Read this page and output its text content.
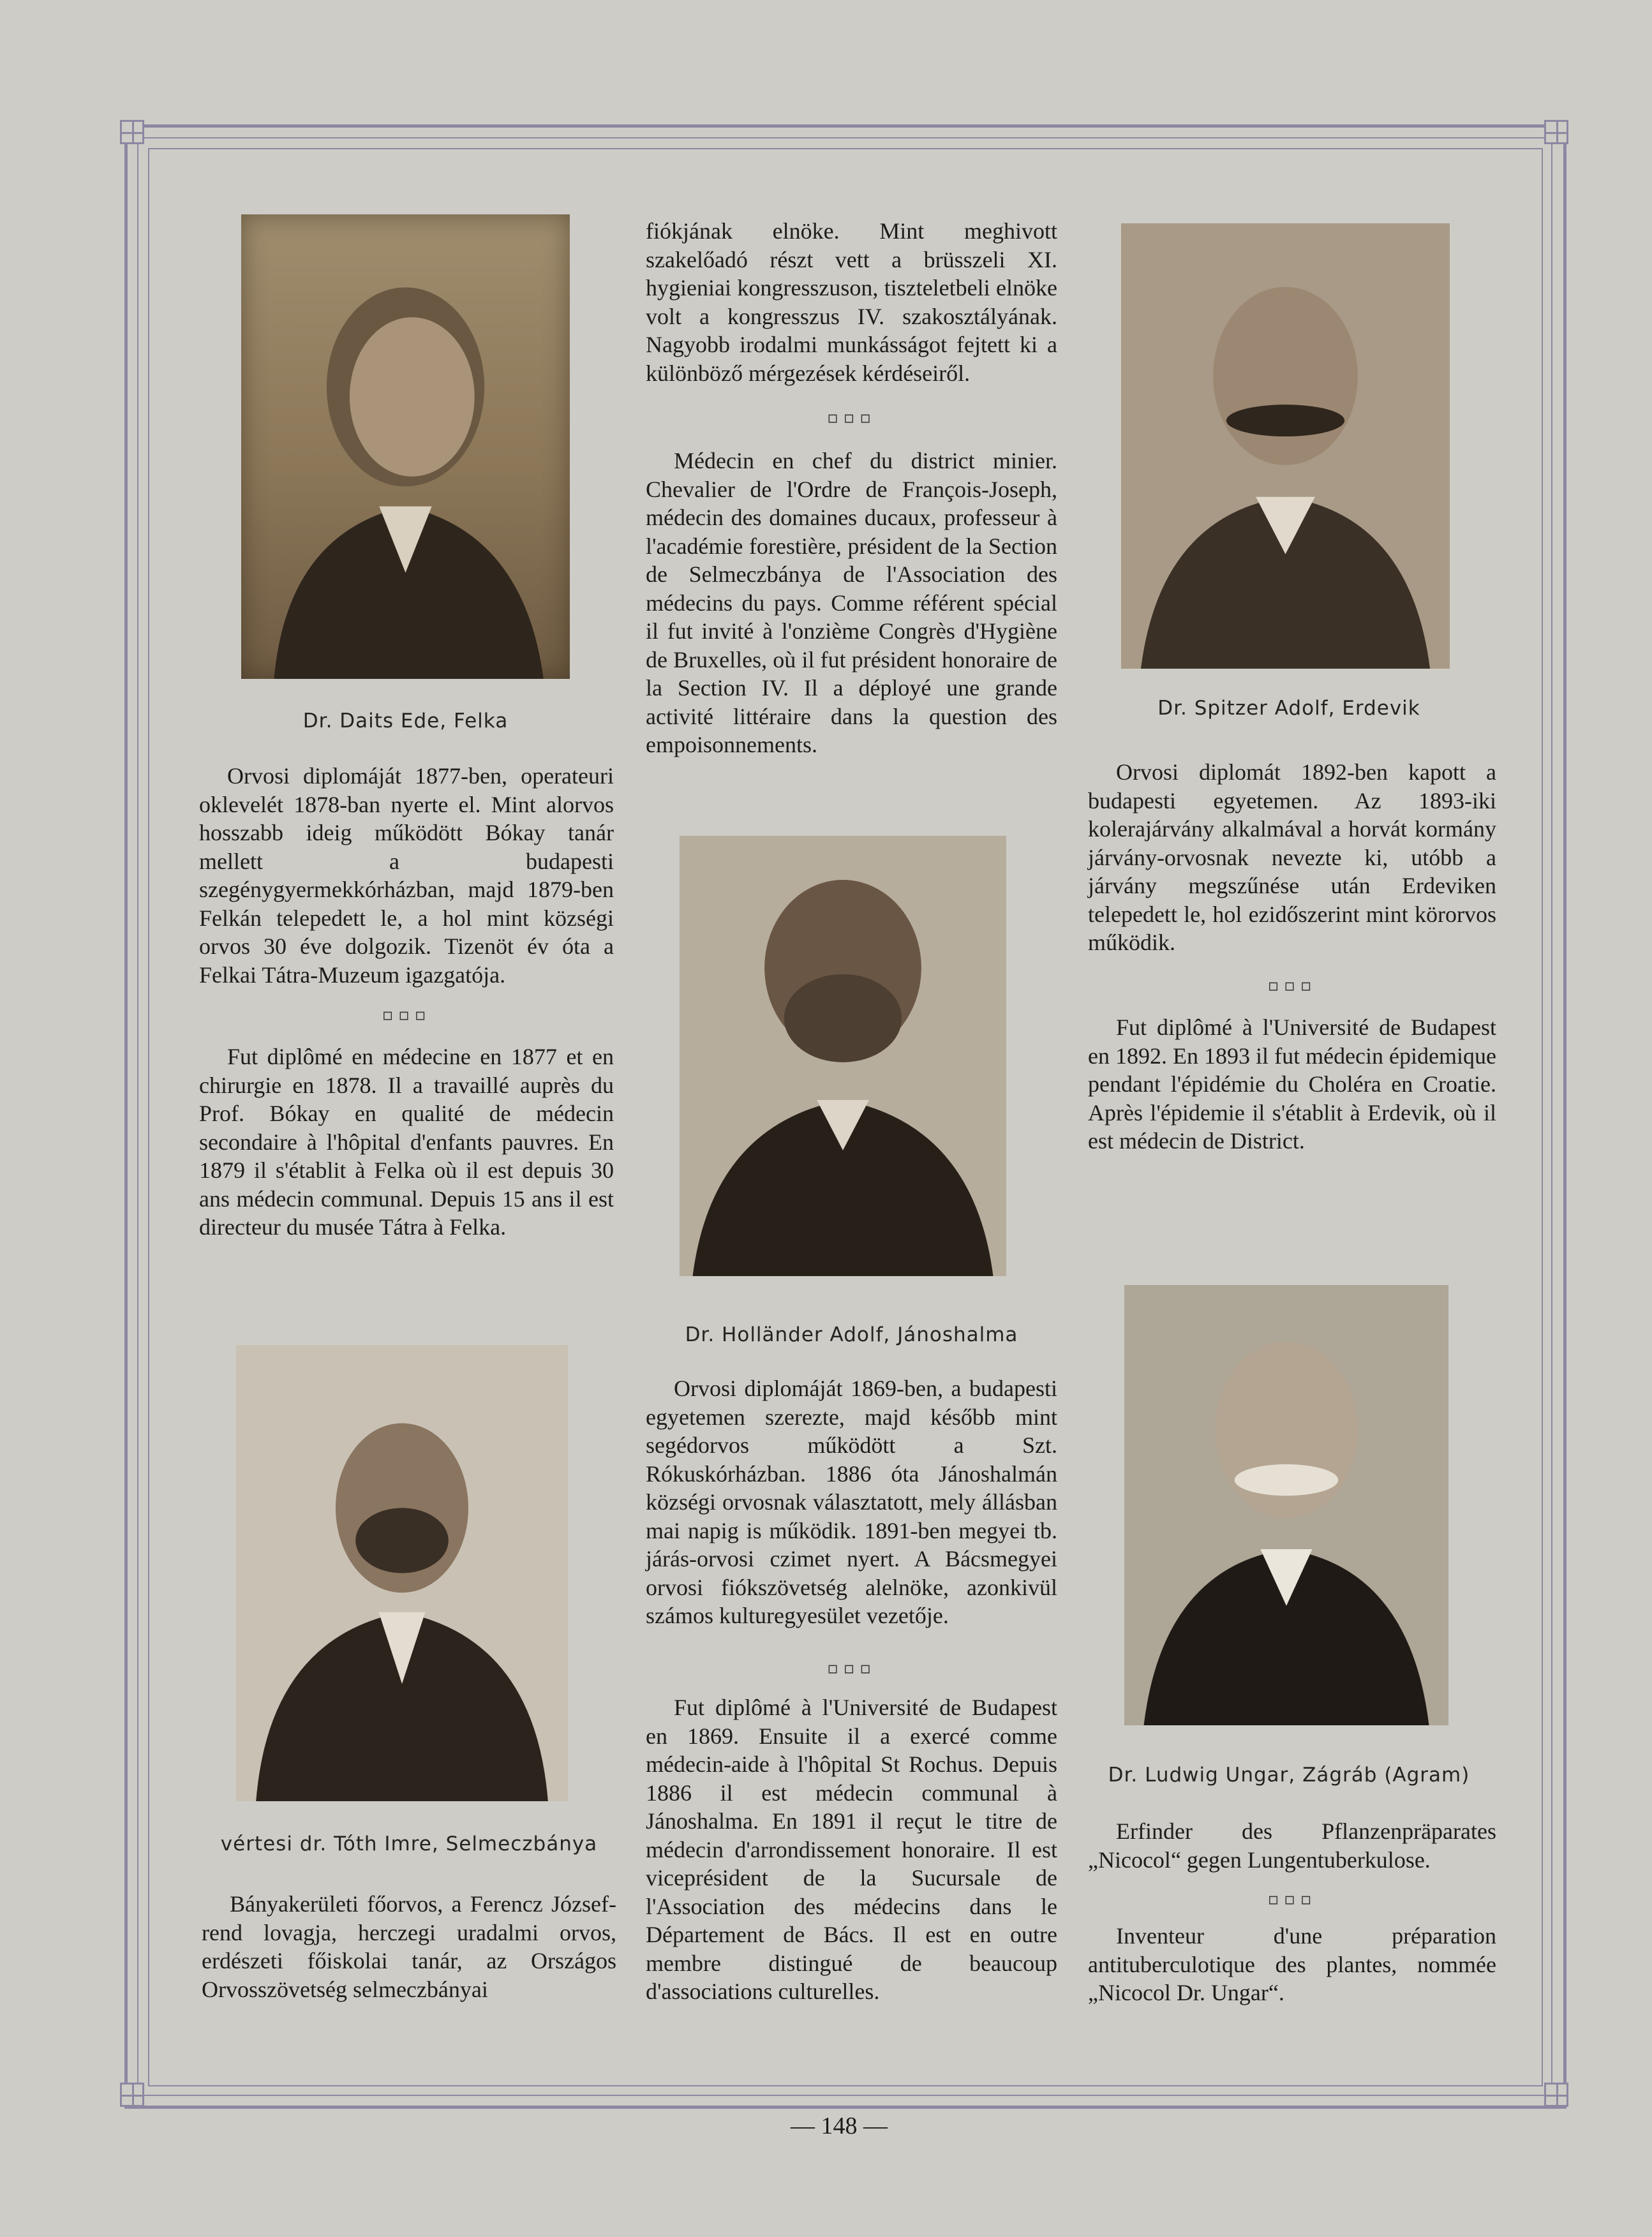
Dr. Daits Ede, Felka

Orvosi diplomáját 1877-ben, operateuri oklevelét 1878-ban nyerte el. Mint alorvos hosszabb ideig működött Bókay tanár mellett a budapesti szegénygyermekkórházban, majd 1879-ben Felkán telepedett le, a hol mint községi orvos 30 éve dolgozik. Tizenöt év óta a Felkai Tátra-Muzeum igazgatója.

▫▫▫

Fut diplômé en médecine en 1877 et en chirurgie en 1878. Il a travaillé auprès du Prof. Bókay en qualité de médecin secondaire à l'hôpital d'enfants pauvres. En 1879 il s'établit à Felka où il est depuis 30 ans médecin communal. Depuis 15 ans il est directeur du musée Tátra à Felka.

vértesi dr. Tóth Imre, Selmeczbánya

Bányakerületi főorvos, a Ferencz József-rend lovagja, herczegi uradalmi orvos, erdészeti főiskolai tanár, az Országos Orvosszövetség selmeczbányai

fiókjának elnöke. Mint meghivott szakelőadó részt vett a brüsszeli XI. hygieniai kongresszuson, tiszteletbeli elnöke volt a kongresszus IV. szakosztályának. Nagyobb irodalmi munkásságot fejtett ki a különböző mérgezések kérdéseiről.

▫▫▫

Médecin en chef du district minier. Chevalier de l'Ordre de François-Joseph, médecin des domaines ducaux, professeur à l'académie forestière, président de la Section de Selmeczbánya de l'Association des médecins du pays. Comme référent spécial il fut invité à l'onzième Congrès d'Hygiène de Bruxelles, où il fut président honoraire de la Section IV. Il a déployé une grande activité littéraire dans la question des empoisonnements.

Dr. Holländer Adolf, Jánoshalma

Orvosi diplomáját 1869-ben, a budapesti egyetemen szerezte, majd később mint segédorvos működött a Szt. Rókuskórházban. 1886 óta Jánoshalmán községi orvosnak választatott, mely állásban mai napig is működik. 1891-ben megyei tb. járás-orvosi czimet nyert. A Bácsmegyei orvosi fiókszövetség alelnöke, azonkivül számos kulturegyesület vezetője.

▫▫▫

Fut diplômé à l'Université de Budapest en 1869. Ensuite il a exercé comme médecin-aide à l'hôpital St Rochus. Depuis 1886 il est médecin communal à Jánoshalma. En 1891 il reçut le titre de médecin d'arrondissement honoraire. Il est viceprésident de la Sucursale de l'Association des médecins dans le Département de Bács. Il est en outre membre distingué de beaucoup d'associations culturelles.

Dr. Spitzer Adolf, Erdevik

Orvosi diplomát 1892-ben kapott a budapesti egyetemen. Az 1893-iki kolerajárvány alkalmával a horvát kormány járvány-orvosnak nevezte ki, utóbb a járvány megszűnése után Erdeviken telepedett le, hol ezidőszerint mint körorvos működik.

▫▫▫

Fut diplômé à l'Université de Budapest en 1892. En 1893 il fut médecin épidemique pendant l'épidémie du Choléra en Croatie. Après l'épidemie il s'établit à Erdevik, où il est médecin de District.

Dr. Ludwig Ungar, Zágráb (Agram)

Erfinder des Pflanzenpräparates „Nicocol“ gegen Lungentuberkulose.

▫▫▫

Inventeur d'une préparation antituberculotique des plantes, nommée „Nicocol Dr. Ungar“.

— 148 —
